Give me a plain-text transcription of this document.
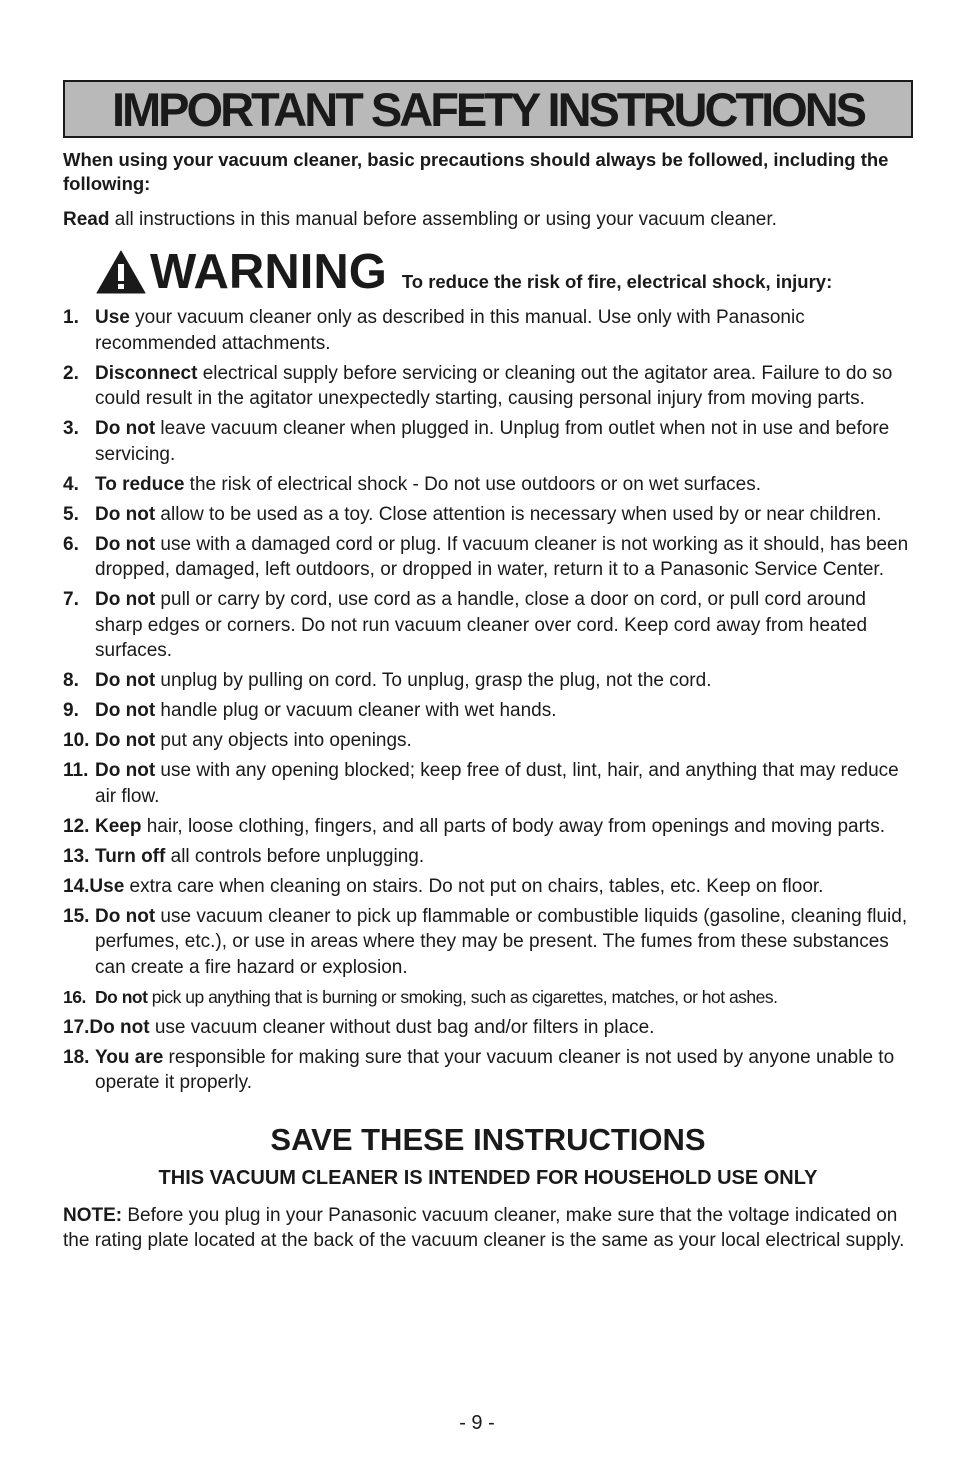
IMPORTANT SAFETY INSTRUCTIONS
When using your vacuum cleaner, basic precautions should always be followed, including the following:
Read all instructions in this manual before assembling or using your vacuum cleaner.
WARNING To reduce the risk of fire, electrical shock, injury:
1. Use your vacuum cleaner only as described in this manual. Use only with Panasonic recommended attachments.
2. Disconnect electrical supply before servicing or cleaning out the agitator area. Failure to do so could result in the agitator unexpectedly starting, causing personal injury from moving parts.
3. Do not leave vacuum cleaner when plugged in. Unplug from outlet when not in use and before servicing.
4. To reduce the risk of electrical shock - Do not use outdoors or on wet surfaces.
5. Do not allow to be used as a toy. Close attention is necessary when used by or near children.
6. Do not use with a damaged cord or plug. If vacuum cleaner is not working as it should, has been dropped, damaged, left outdoors, or dropped in water, return it to a Panasonic Service Center.
7. Do not pull or carry by cord, use cord as a handle, close a door on cord, or pull cord around sharp edges or corners. Do not run vacuum cleaner over cord. Keep cord away from heated surfaces.
8. Do not unplug by pulling on cord. To unplug, grasp the plug, not the cord.
9. Do not handle plug or vacuum cleaner with wet hands.
10. Do not put any objects into openings.
11. Do not use with any opening blocked; keep free of dust, lint, hair, and anything that may reduce air flow.
12. Keep hair, loose clothing, fingers, and all parts of body away from openings and moving parts.
13. Turn off all controls before unplugging.
14.Use extra care when cleaning on stairs. Do not put on chairs, tables, etc. Keep on floor.
15. Do not use vacuum cleaner to pick up flammable or combustible liquids (gasoline, cleaning fluid, perfumes, etc.), or use in areas where they may be present. The fumes from these substances can create a fire hazard or explosion.
16. Do not pick up anything that is burning or smoking, such as cigarettes, matches, or hot ashes.
17.Do not use vacuum cleaner without dust bag and/or filters in place.
18. You are responsible for making sure that your vacuum cleaner is not used by anyone unable to operate it properly.
SAVE THESE INSTRUCTIONS
THIS VACUUM CLEANER IS INTENDED FOR HOUSEHOLD USE ONLY
NOTE: Before you plug in your Panasonic vacuum cleaner, make sure that the voltage indicated on the rating plate located at the back of the vacuum cleaner is the same as your local electrical supply.
- 9 -
